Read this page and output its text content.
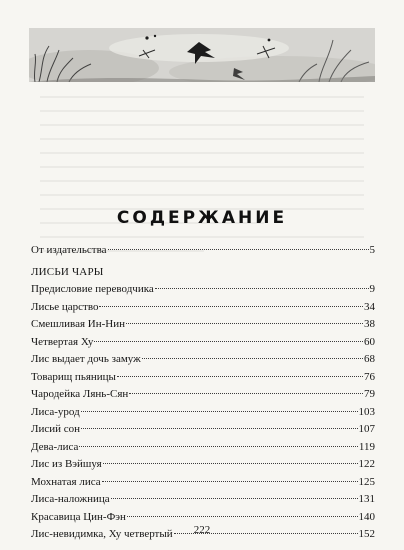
СОДЕРЖАНИЕ
От издательства	5
ЛИСЬИ ЧАРЫ
Предисловие переводчика	9
Лисье царство	34
Смешливая Ин-Нин	38
Четвертая Ху	60
Лис выдает дочь замуж	68
Товарищ пьяницы	76
Чародейка Лянь-Сян	79
Лиса-урод	103
Лисий сон	107
Дева-лиса	119
Лис из Вэйшуя	122
Мохнатая лиса	125
Лиса-наложница	131
Красавица Цин-Фэн	140
Лис-невидимка, Ху четвертый	152
222
